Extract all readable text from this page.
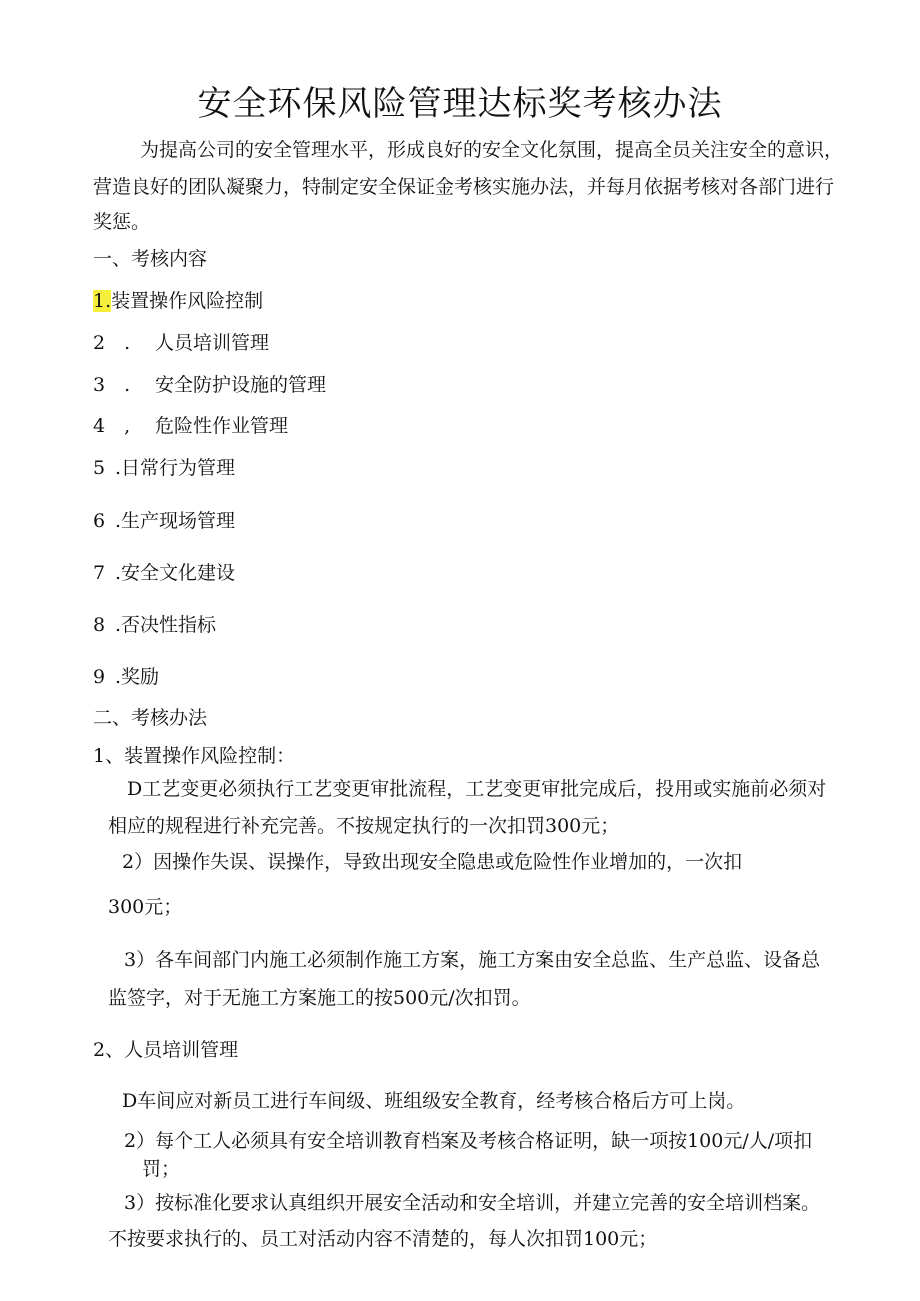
安全环保风险管理达标奖考核办法
为提高公司的安全管理水平，形成良好的安全文化氛围，提高全员关注安全的意识，
营造良好的团队凝聚力，特制定安全保证金考核实施办法，并每月依据考核对各部门进行
奖惩。
一、考核内容
1.装置操作风险控制
2　. 人员培训管理
3　. 安全防护设施的管理
4　, 危险性作业管理
5　.日常行为管理
6　.生产现场管理
7　.安全文化建设
8　.否决性指标
9　.奖励
二、考核办法
1、装置操作风险控制：
D工艺变更必须执行工艺变更审批流程，工艺变更审批完成后，投用或实施前必须对
相应的规程进行补充完善。不按规定执行的一次扣罚300元；
2）因操作失误、误操作，导致出现安全隐患或危险性作业增加的，一次扣
300元；
3）各车间部门内施工必须制作施工方案，施工方案由安全总监、生产总监、设备总
监签字，对于无施工方案施工的按500元/次扣罚。
2、人员培训管理
D车间应对新员工进行车间级、班组级安全教育，经考核合格后方可上岗。
2）每个工人必须具有安全培训教育档案及考核合格证明，缺一项按100元/人/项扣
罚；
3）按标准化要求认真组织开展安全活动和安全培训，并建立完善的安全培训档案。
不按要求执行的、员工对活动内容不清楚的，每人次扣罚100元；
